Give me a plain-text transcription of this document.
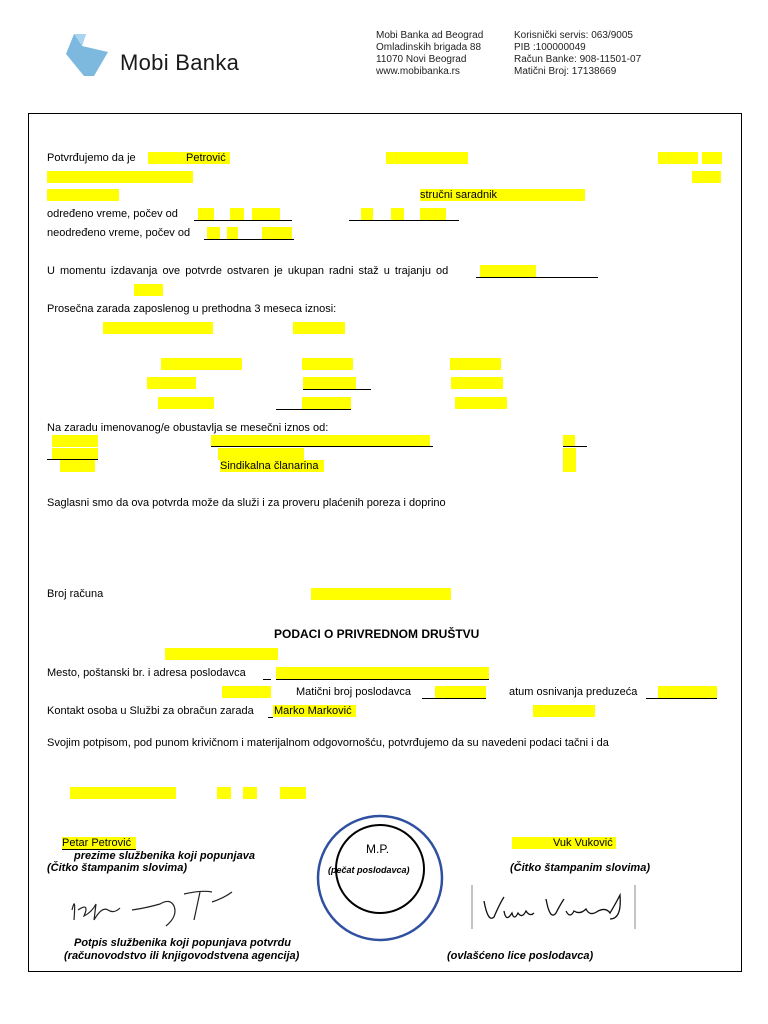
Mobi Banka
Mobi Banka ad Beograd
Omladinskih brigada 88
11070 Novi Beograd
www.mobibanka.rs
Korisnički servis: 063/9005
PIB :100000049
Račun Banke: 908-11501-07
Matični Broj: 17138669
Potvrđujemo da je	Petrović
stručni saradnik
određeno vreme, počev od
neodređeno vreme, počev od
U momentu izdavanja ove potvrde ostvaren je ukupan radni staž u trajanju od
Prosečna zarada zaposlenog u prethodna 3 meseca iznosi:
Na zaradu imenovanog/e obustavlja se mesečni iznos od:
Sindikalna članarina
Saglasni smo da ova potvrda može da služi i za proveru plaćenih poreza i doprino
Broj računa
PODACI O PRIVREDNOM DRUŠTVU
Mesto, poštanski br. i adresa poslodavca
Matični broj poslodavca	atum osnivanja preduzeća
Kontakt osoba u Službi za obračun zarada Marko Marković
Svojim potpisom, pod punom krivičnom i materijalnom odgovornošću, potvrđujemo da su navedeni podaci tačni i da
Petar Petrović
prezime službenika koji popunjava
(Čitko štampanim slovima)
Potpis službenika koji popunjava potvrdu
(računovodstvo ili knjigovodstvena agencija)
M.P.
(pečat poslodavca)
Vuk Vuković
(Čitko štampanim slovima)
(ovlašćeno lice poslodavca)
